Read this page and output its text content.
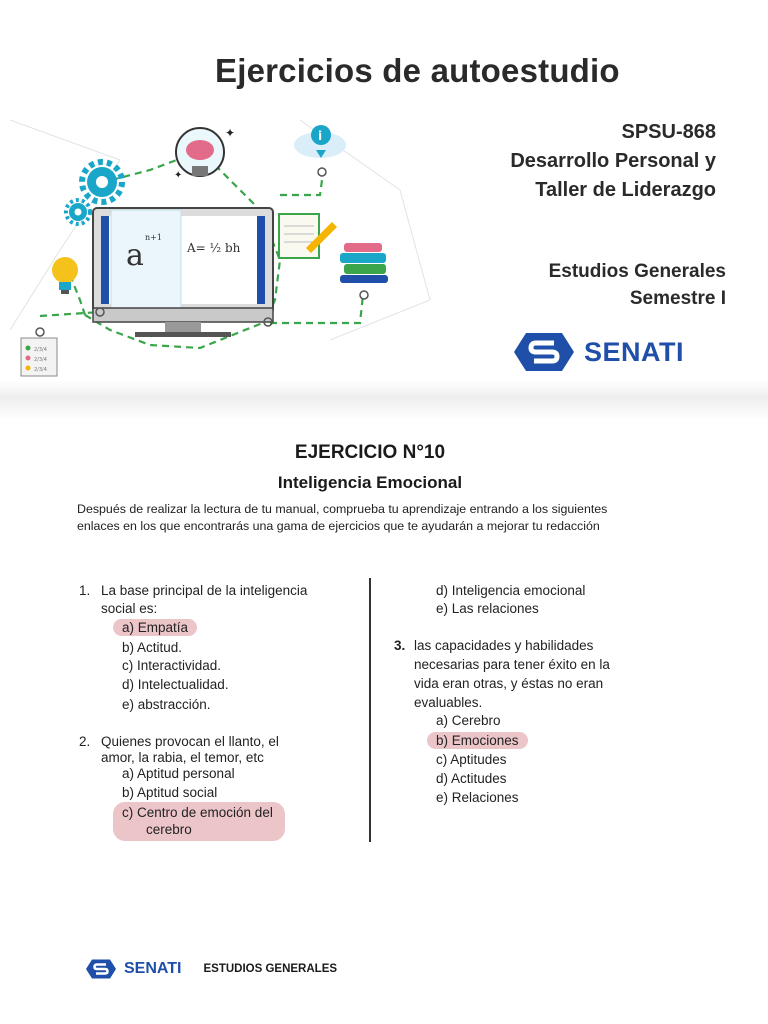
✦
✦
i
a
n+1
A= ½ bh
2/3/4
2/3/4
2/3/4
Ejercicios de autoestudio
SPSU-868
Desarrollo Personal y
Taller de Liderazgo
Estudios Generales
Semestre I
SENATI
EJERCICIO N°10
Inteligencia Emocional
Después de realizar la lectura de tu manual, comprueba tu aprendizaje entrando a los siguientes enlaces en los que encontrarás una gama de ejercicios que te ayudarán a mejorar tu redacción
1. La base principal de la inteligencia
social es:
a) Empatía
b) Actitud.
c) Interactividad.
d) Intelectualidad.
e) abstracción.
2. Quienes provocan el llanto, el
amor, la rabia, el temor, etc
a) Aptitud personal
b) Aptitud social
c) Centro de emoción del
cerebro
d) Inteligencia emocional
e) Las relaciones
3. las capacidades y habilidades
necesarias para tener éxito en la
vida eran otras, y éstas no eran
evaluables.
a) Cerebro
b) Emociones
c) Aptitudes
d) Actitudes
e) Relaciones
SENATI ESTUDIOS GENERALES
